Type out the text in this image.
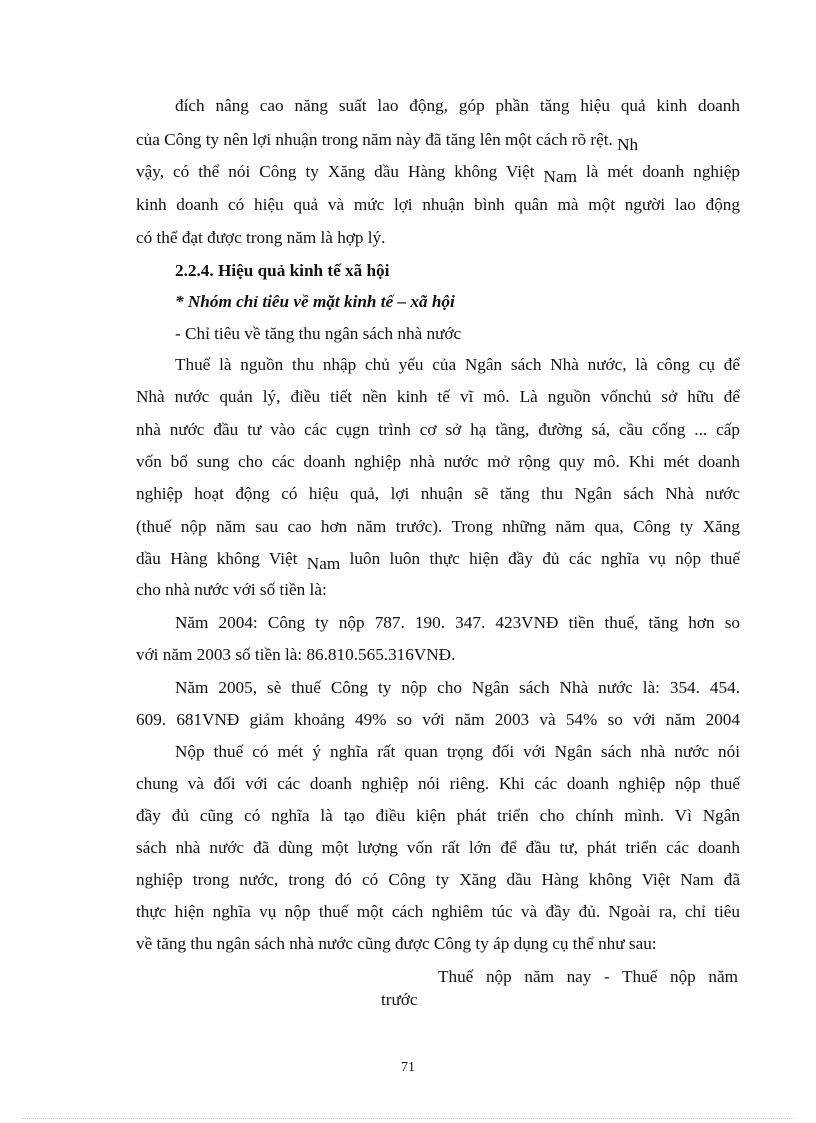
đích nâng cao năng suất lao động, góp phần tăng hiệu quả kinh doanh
của Công ty nên lợi nhuận trong năm này đã tăng lên một cách rõ rệt. Nh
vậy, có thể nói Công ty Xăng dầu Hàng không Việt Nam là mét doanh nghiệp
kinh doanh có hiệu quả và mức lợi nhuận bình quân mà một người lao động
có thể đạt được trong năm là hợp lý.
2.2.4. Hiệu quả kinh tế xã hội
* Nhóm chỉ tiêu về mặt kinh tế – xã hội
- Chỉ tiêu về tăng thu ngân sách nhà nước
Thuế là nguồn thu nhập chủ yếu của Ngân sách Nhà nước, là công cụ để
Nhà nước quản lý, điều tiết nền kinh tế vĩ mô. Là nguồn vốnchủ sở hữu để
nhà nước đầu tư vào các cụgn trình cơ sở hạ tầng, đường sá, cầu cống ... cấp
vốn bổ sung cho các doanh nghiệp nhà nước mở rộng quy mô. Khi mét doanh
nghiệp hoạt động có hiệu quả, lợi nhuận sẽ tăng thu Ngân sách Nhà nước
(thuế nộp năm sau cao hơn năm trước). Trong những năm qua, Công ty Xăng
dầu Hàng không Việt Nam luôn luôn thực hiện đầy đủ các nghĩa vụ nộp thuế
cho nhà nước với số tiền là:
Năm 2004: Công ty nộp 787. 190. 347. 423VNĐ tiền thuế, tăng hơn so
với năm 2003 số tiền là: 86.810.565.316VNĐ.
Năm 2005, sè thuế Công ty nộp cho Ngân sách Nhà nước là: 354. 454.
609. 681VNĐ giảm khoảng 49% so với năm 2003 và 54% so với năm 2004
Nộp thuế có mét ý nghĩa rất quan trọng đối với Ngân sách nhà nước nói
chung và đối với các doanh nghiệp nói riêng. Khi các doanh nghiệp nộp thuế
đầy đủ cũng có nghĩa là tạo điều kiện phát triển cho chính mình. Vì Ngân
sách nhà nước đã dùng một lượng vốn rất lớn để đầu tư, phát triển các doanh
nghiệp trong nước, trong đó có Công ty Xăng dầu Hàng không Việt Nam đã
thực hiện nghĩa vụ nộp thuế một cách nghiêm túc và đầy đủ. Ngoài ra, chỉ tiêu
về tăng thu ngân sách nhà nước cũng được Công ty áp dụng cụ thể như sau:
Thuế nộp năm nay - Thuế nộp năm
trước
71
